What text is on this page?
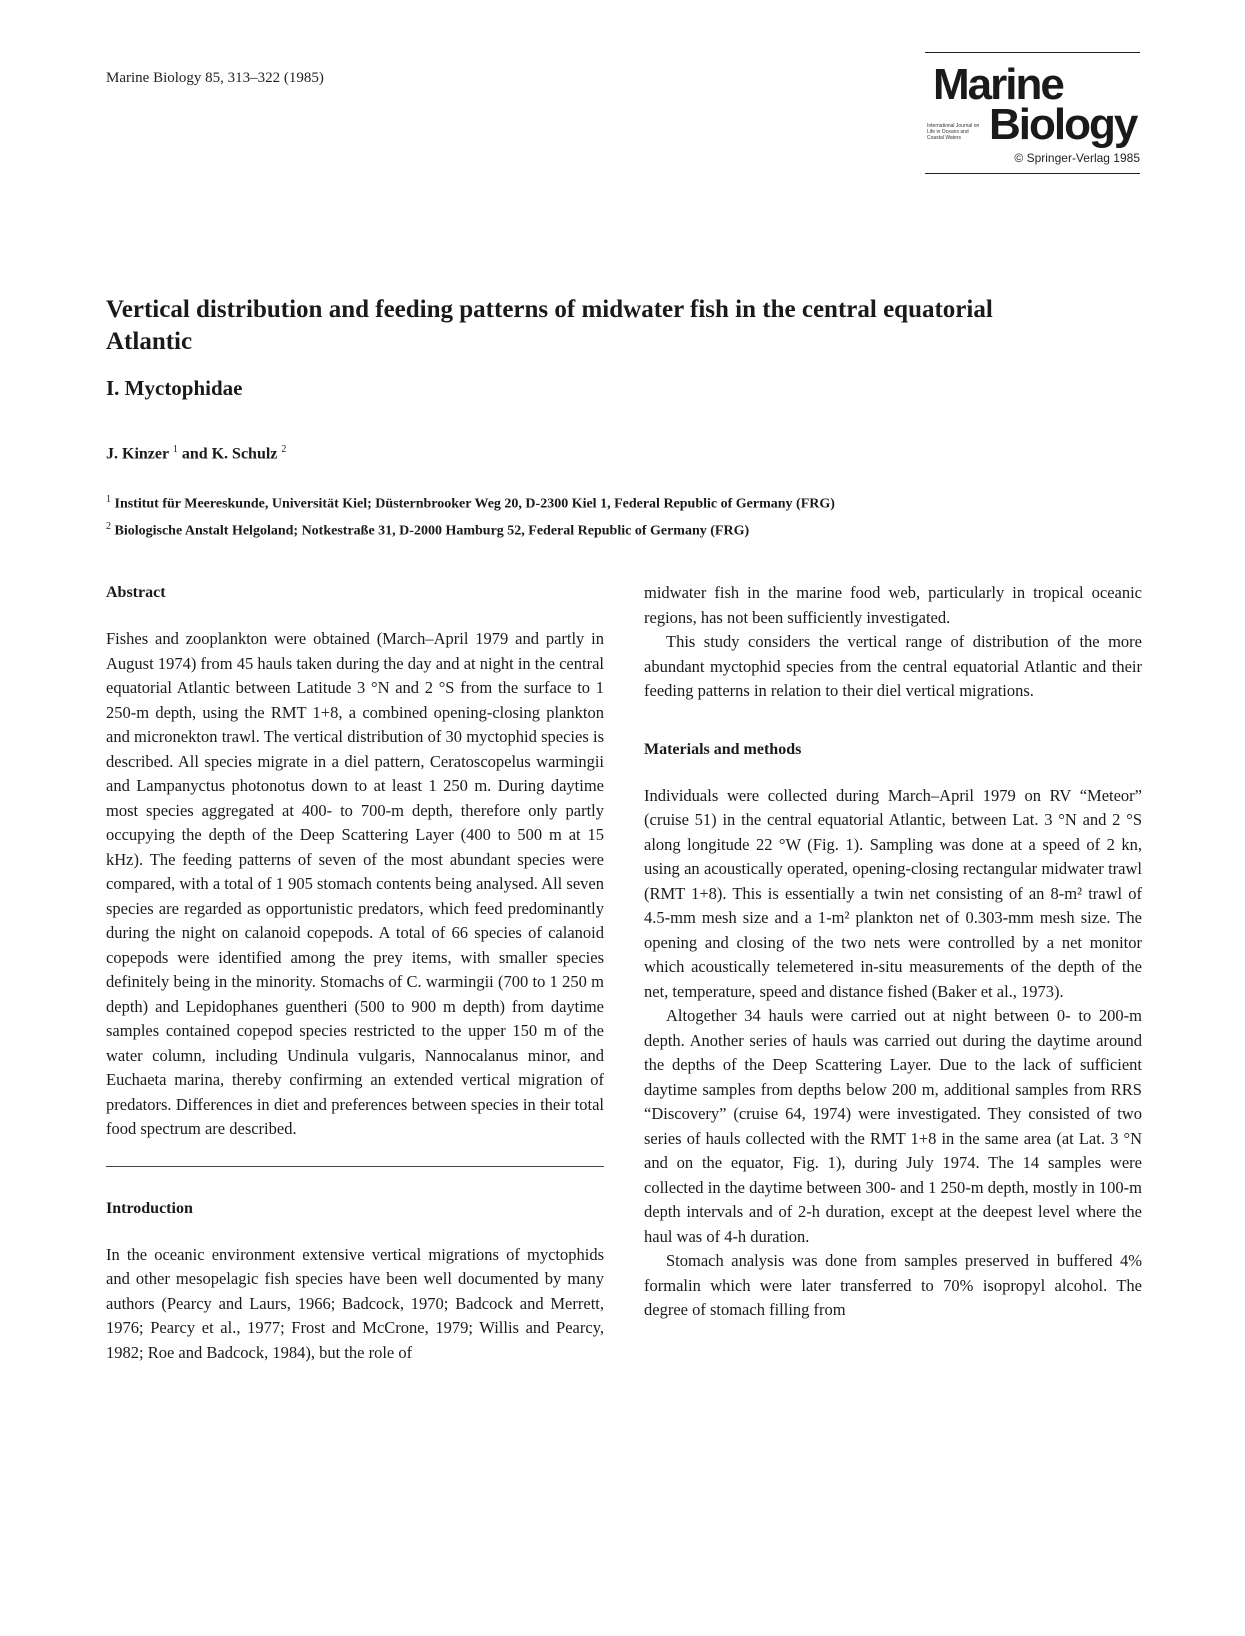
Marine Biology 85, 313–322 (1985)	Marine
International Journal on Life in Oceans and Coastal Waters Biology
© Springer-Verlag 1985
Vertical distribution and feeding patterns of midwater fish in the central equatorial Atlantic
I. Myctophidae
J. Kinzer $^1$ and K. Schulz $^2$
$^1$ Institut für Meereskunde, Universität Kiel; Düsternbrooker Weg 20, D-2300 Kiel 1, Federal Republic of Germany (FRG)
$^2$ Biologische Anstalt Helgoland; Notkestraße 31, D-2000 Hamburg 52, Federal Republic of Germany (FRG)
Abstract

Fishes and zooplankton were obtained (March–April 1979 and partly in August 1974) from 45 hauls taken during the day and at night in the central equatorial Atlantic between Latitude 3 °N and 2 °S from the surface to 1 250-m depth, using the RMT 1+8, a combined opening-closing plankton and micronekton trawl. The vertical distribution of 30 myctophid species is described. All species migrate in a diel pattern, Ceratoscopelus warmingii and Lampanyctus photonotus down to at least 1 250 m. During daytime most species aggregated at 400- to 700-m depth, therefore only partly occupying the depth of the Deep Scattering Layer (400 to 500 m at 15 kHz). The feeding patterns of seven of the most abundant species were compared, with a total of 1 905 stomach contents being analysed. All seven species are regarded as opportunistic predators, which feed predominantly during the night on calanoid copepods. A total of 66 species of calanoid copepods were identified among the prey items, with smaller species definitely being in the minority. Stomachs of C. warmingii (700 to 1 250 m depth) and Lepidophanes guentheri (500 to 900 m depth) from daytime samples contained copepod species restricted to the upper 150 m of the water column, including Undinula vulgaris, Nannocalanus minor, and Euchaeta marina, thereby confirming an extended vertical migration of predators. Differences in diet and preferences between species in their total food spectrum are described.

Introduction

In the oceanic environment extensive vertical migrations of myctophids and other mesopelagic fish species have been well documented by many authors (Pearcy and Laurs, 1966; Badcock, 1970; Badcock and Merrett, 1976; Pearcy et al., 1977; Frost and McCrone, 1979; Willis and Pearcy, 1982; Roe and Badcock, 1984), but the role of

midwater fish in the marine food web, particularly in tropical oceanic regions, has not been sufficiently investigated.

This study considers the vertical range of distribution of the more abundant myctophid species from the central equatorial Atlantic and their feeding patterns in relation to their diel vertical migrations.

Materials and methods

Individuals were collected during March–April 1979 on RV “Meteor” (cruise 51) in the central equatorial Atlantic, between Lat. 3 °N and 2 °S along longitude 22 °W (Fig. 1). Sampling was done at a speed of 2 kn, using an acoustically operated, opening-closing rectangular midwater trawl (RMT 1+8). This is essentially a twin net consisting of an 8-m² trawl of 4.5-mm mesh size and a 1-m² plankton net of 0.303-mm mesh size. The opening and closing of the two nets were controlled by a net monitor which acoustically telemetered in-situ measurements of the depth of the net, temperature, speed and distance fished (Baker et al., 1973).

Altogether 34 hauls were carried out at night between 0- to 200-m depth. Another series of hauls was carried out during the daytime around the depths of the Deep Scattering Layer. Due to the lack of sufficient daytime samples from depths below 200 m, additional samples from RRS “Discovery” (cruise 64, 1974) were investigated. They consisted of two series of hauls collected with the RMT 1+8 in the same area (at Lat. 3 °N and on the equator, Fig. 1), during July 1974. The 14 samples were collected in the daytime between 300- and 1 250-m depth, mostly in 100-m depth intervals and of 2-h duration, except at the deepest level where the haul was of 4-h duration.

Stomach analysis was done from samples preserved in buffered 4% formalin which were later transferred to 70% isopropyl alcohol. The degree of stomach filling from
